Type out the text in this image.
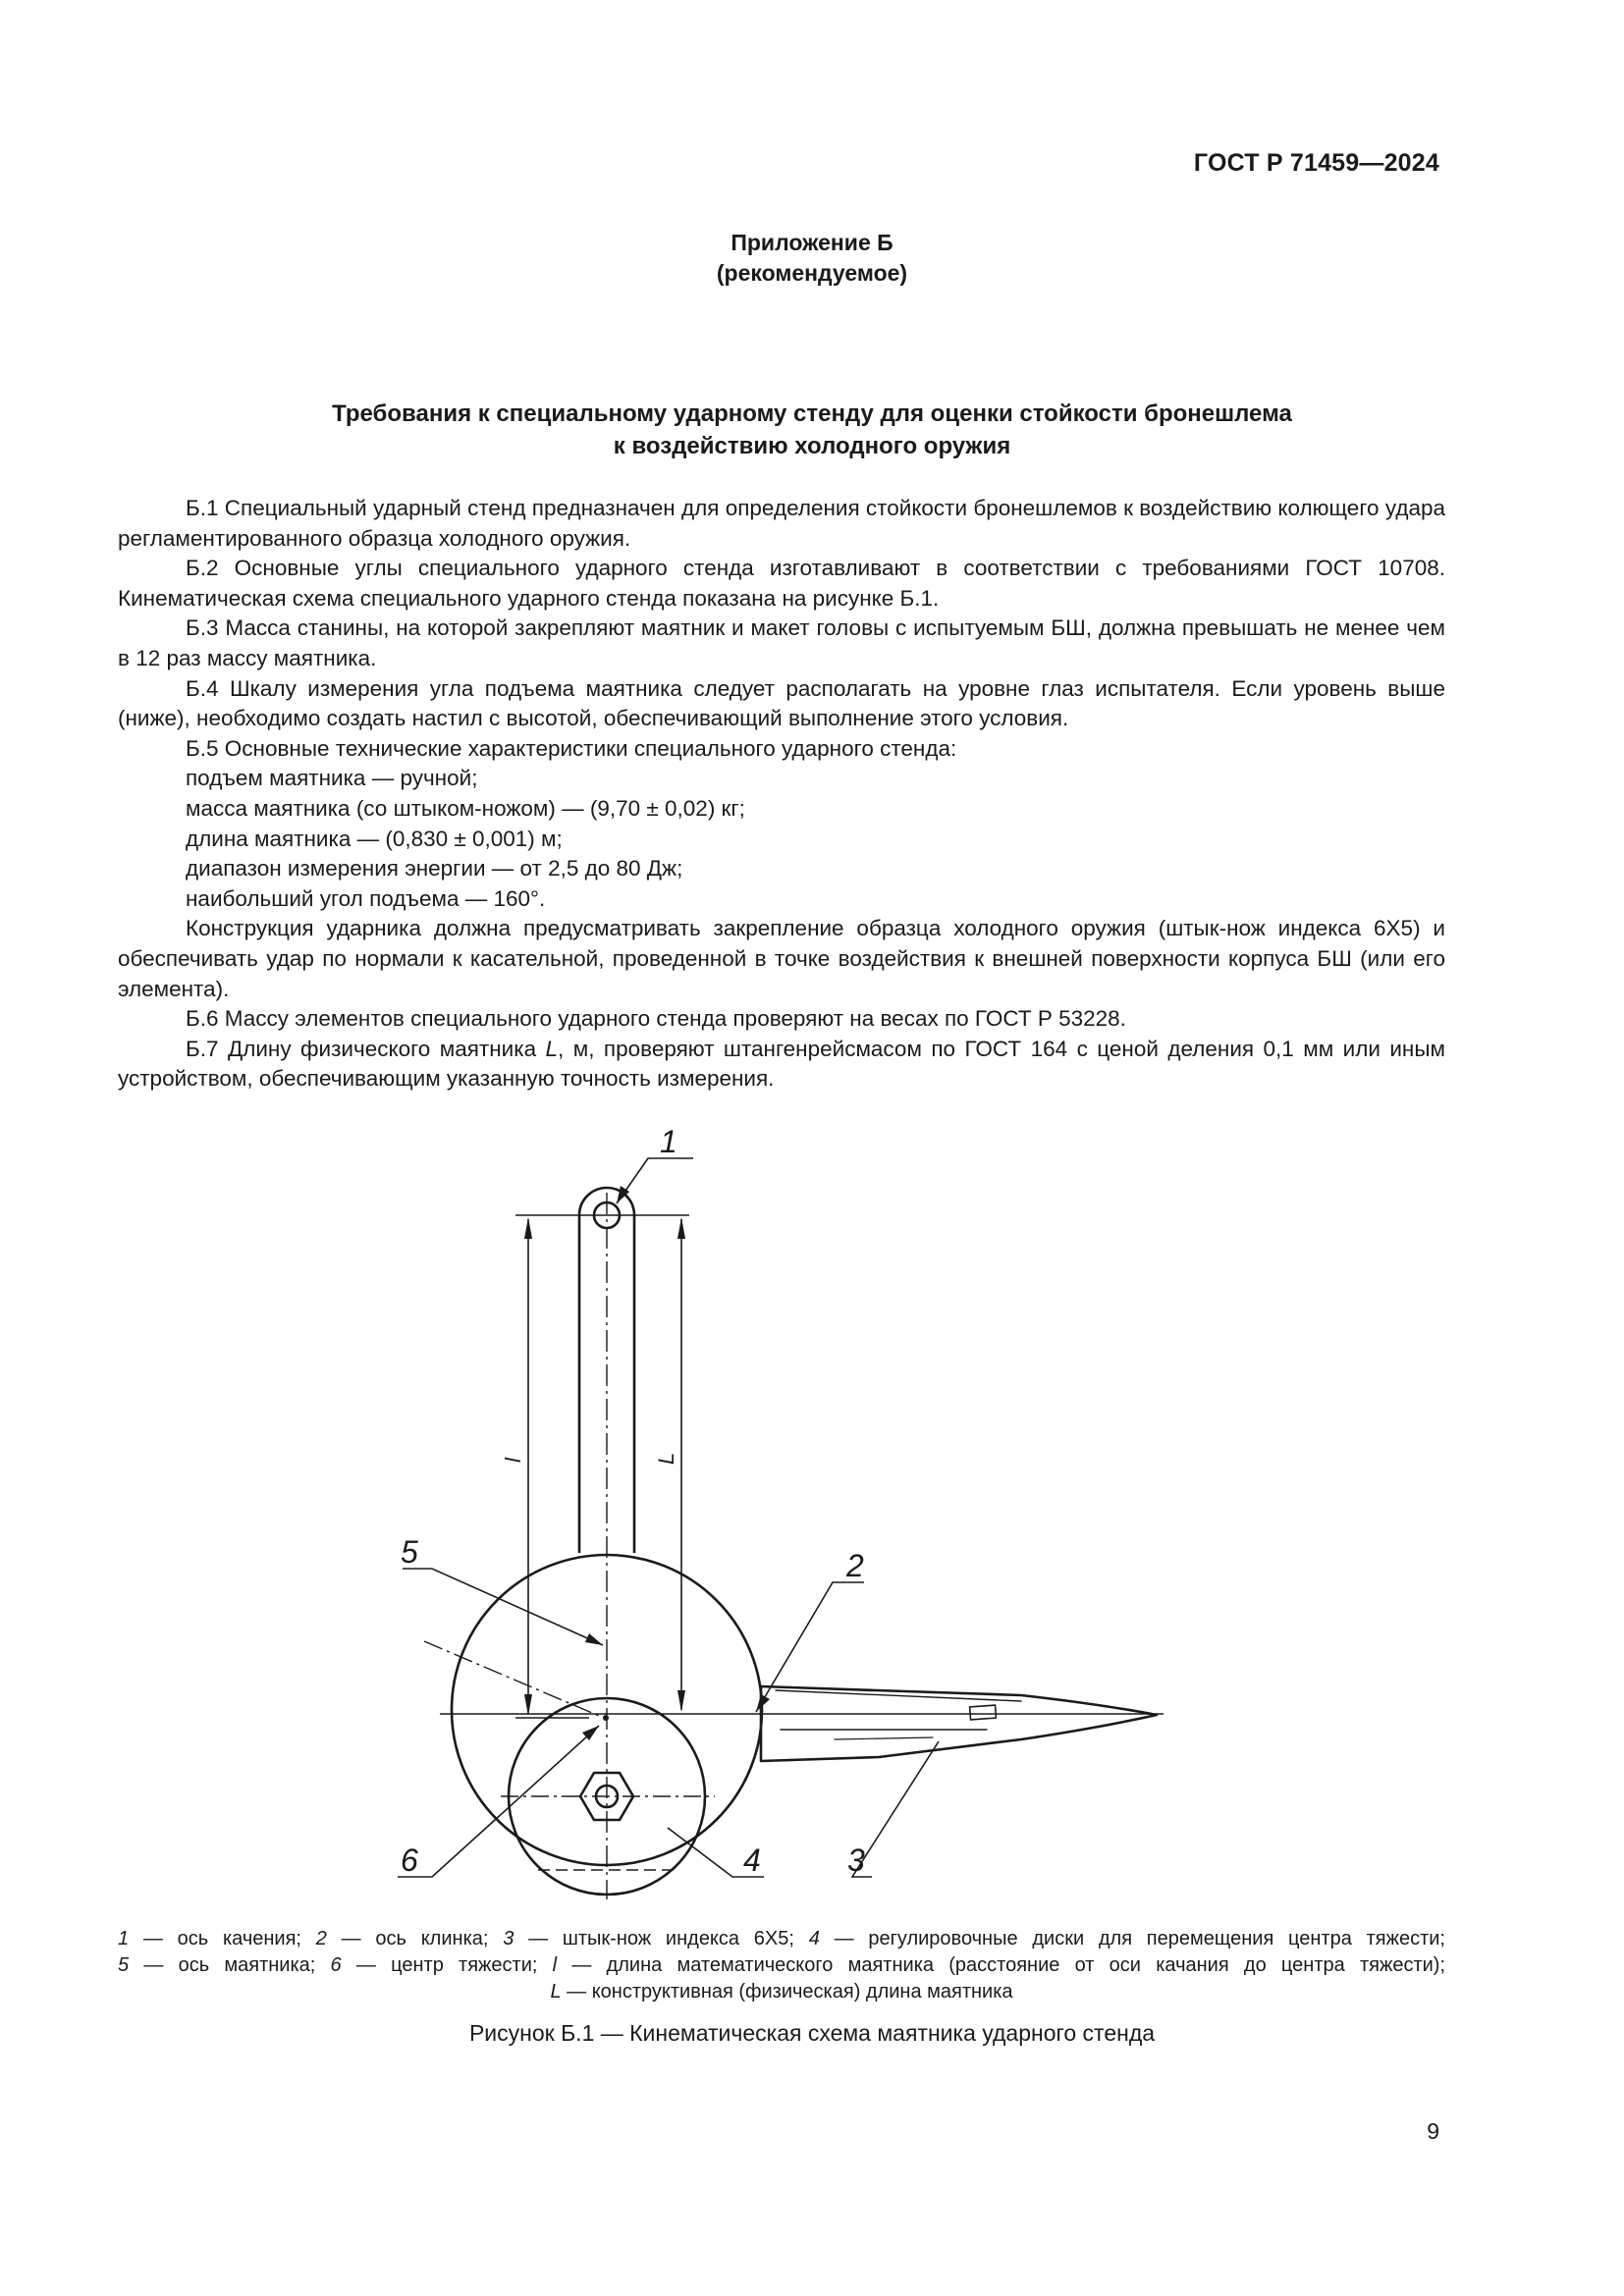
ГОСТ Р 71459—2024
Приложение Б
(рекомендуемое)
Требования к специальному ударному стенду для оценки стойкости бронешлема
к воздействию холодного оружия

Б.1 Специальный ударный стенд предназначен для определения стойкости бронешлемов к воздействию колющего удара регламентированного образца холодного оружия.

Б.2 Основные углы специального ударного стенда изготавливают в соответствии с требованиями ГОСТ 10708. Кинематическая схема специального ударного стенда показана на рисунке Б.1.

Б.3 Масса станины, на которой закрепляют маятник и макет головы с испытуемым БШ, должна превышать не менее чем в 12 раз массу маятника.

Б.4 Шкалу измерения угла подъема маятника следует располагать на уровне глаз испытателя. Если уровень выше (ниже), необходимо создать настил с высотой, обеспечивающий выполнение этого условия.

Б.5 Основные технические характеристики специального ударного стенда:

подъем маятника — ручной;

масса маятника (со штыком-ножом) — (9,70 ± 0,02) кг;

длина маятника — (0,830 ± 0,001) м;

диапазон измерения энергии — от 2,5 до 80 Дж;

наибольший угол подъема — 160°.

Конструкция ударника должна предусматривать закрепление образца холодного оружия (штык-нож индекса 6Х5) и обеспечивать удар по нормали к касательной, проведенной в точке воздействия к внешней поверхности корпуса БШ (или его элемента).

Б.6 Массу элементов специального ударного стенда проверяют на весах по ГОСТ Р 53228.

Б.7 Длину физического маятника L, м, проверяют штангенрейсмасом по ГОСТ 164 с ценой деления 0,1 мм или иным устройством, обеспечивающим указанную точность измерения.

1
2
3
4
5
6
l	L

1 — ось качения; 2 — ось клинка; 3 — штык-нож индекса 6Х5; 4 — регулировочные диски для перемещения центра тяжести;

5 — ось маятника; 6 — центр тяжести; l — длина математического маятника (расстояние от оси качания до центра тяжести);

L — конструктивная (физическая) длина маятника

Рисунок Б.1 — Кинематическая схема маятника ударного стенда
9
